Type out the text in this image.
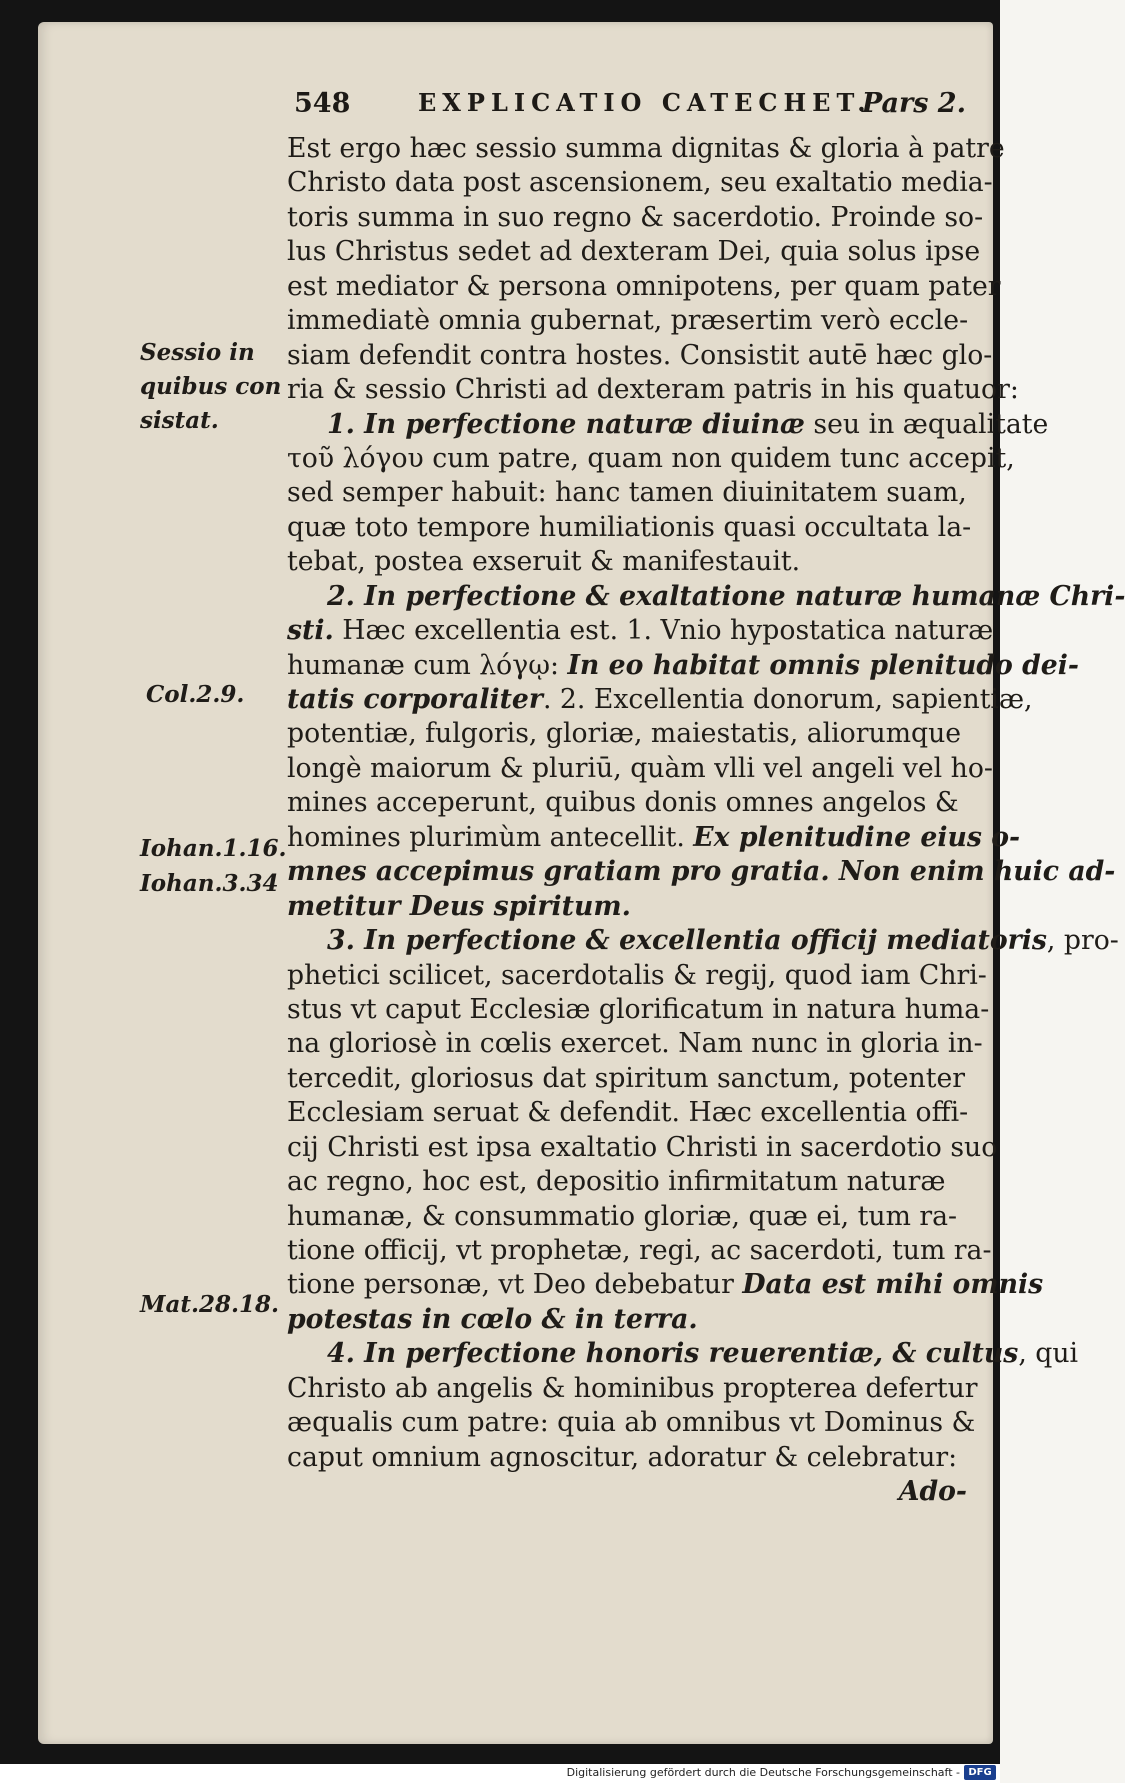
548	EXPLICATIO CATECHET.
Pars 2.
Sessio in
quibus con
sistat.
Col.2.9.
Iohan.1.16.
Iohan.3.34
Mat.28.18.
Est ergo hæc sessio summa dignitas & gloria à patre
Christo data post ascensionem, seu exaltatio media-
toris summa in suo regno & sacerdotio. Proinde so-
lus Christus sedet ad dexteram Dei, quia solus ipse
est mediator & persona omnipotens, per quam pater
immediatè omnia gubernat, præsertim verò eccle-
siam defendit contra hostes. Consistit autē hæc glo-
ria & sessio Christi ad dexteram patris in his quatuor:
1. In perfectione naturæ diuinæ seu in æqualitate
τοῦ λόγου cum patre, quam non quidem tunc accepit,
sed semper habuit: hanc tamen diuinitatem suam,
quæ toto tempore humiliationis quasi occultata la-
tebat, postea exseruit & manifestauit.
2. In perfectione & exaltatione naturæ humanæ Chri-
sti. Hæc excellentia est. 1. Vnio hypostatica naturæ
humanæ cum λόγῳ: In eo habitat omnis plenitudo dei-
tatis corporaliter. 2. Excellentia donorum, sapientiæ,
potentiæ, fulgoris, gloriæ, maiestatis, aliorumque
longè maiorum & pluriū, quàm vlli vel angeli vel ho-
mines acceperunt, quibus donis omnes angelos &
homines plurimùm antecellit. Ex plenitudine eius o-
mnes accepimus gratiam pro gratia. Non enim huic ad-
metitur Deus spiritum.
3. In perfectione & excellentia officij mediatoris, pro-
phetici scilicet, sacerdotalis & regij, quod iam Chri-
stus vt caput Ecclesiæ glorificatum in natura huma-
na gloriosè in cœlis exercet. Nam nunc in gloria in-
tercedit, gloriosus dat spiritum sanctum, potenter
Ecclesiam seruat & defendit. Hæc excellentia offi-
cij Christi est ipsa exaltatio Christi in sacerdotio suo
ac regno, hoc est, depositio infirmitatum naturæ
humanæ, & consummatio gloriæ, quæ ei, tum ra-
tione officij, vt prophetæ, regi, ac sacerdoti, tum ra-
tione personæ, vt Deo debebatur Data est mihi omnis
potestas in cœlo & in terra.
4. In perfectione honoris reuerentiæ, & cultus, qui
Christo ab angelis & hominibus propterea defertur
æqualis cum patre: quia ab omnibus vt Dominus &
caput omnium agnoscitur, adoratur & celebratur:
Ado-
Digitalisierung gefördert durch die Deutsche Forschungsgemeinschaft - DFG
